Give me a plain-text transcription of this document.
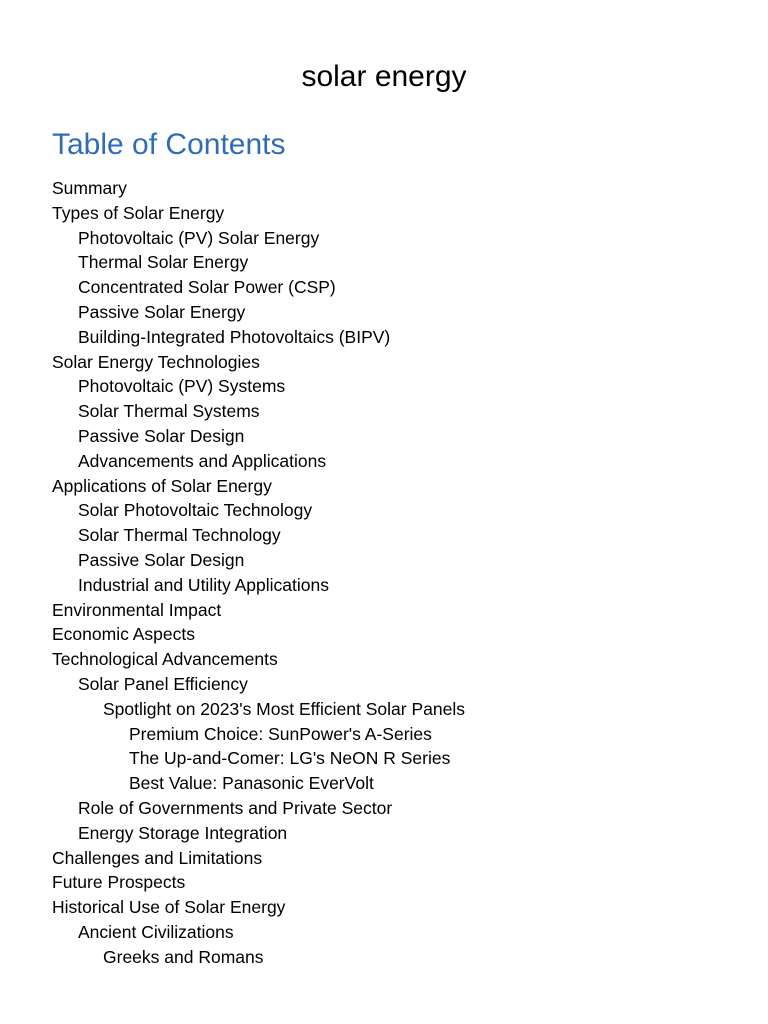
solar energy
Table of Contents
Summary
Types of Solar Energy
Photovoltaic (PV) Solar Energy
Thermal Solar Energy
Concentrated Solar Power (CSP)
Passive Solar Energy
Building-Integrated Photovoltaics (BIPV)
Solar Energy Technologies
Photovoltaic (PV) Systems
Solar Thermal Systems
Passive Solar Design
Advancements and Applications
Applications of Solar Energy
Solar Photovoltaic Technology
Solar Thermal Technology
Passive Solar Design
Industrial and Utility Applications
Environmental Impact
Economic Aspects
Technological Advancements
Solar Panel Efficiency
Spotlight on 2023's Most Efficient Solar Panels
Premium Choice: SunPower's A-Series
The Up-and-Comer: LG's NeON R Series
Best Value: Panasonic EverVolt
Role of Governments and Private Sector
Energy Storage Integration
Challenges and Limitations
Future Prospects
Historical Use of Solar Energy
Ancient Civilizations
Greeks and Romans
